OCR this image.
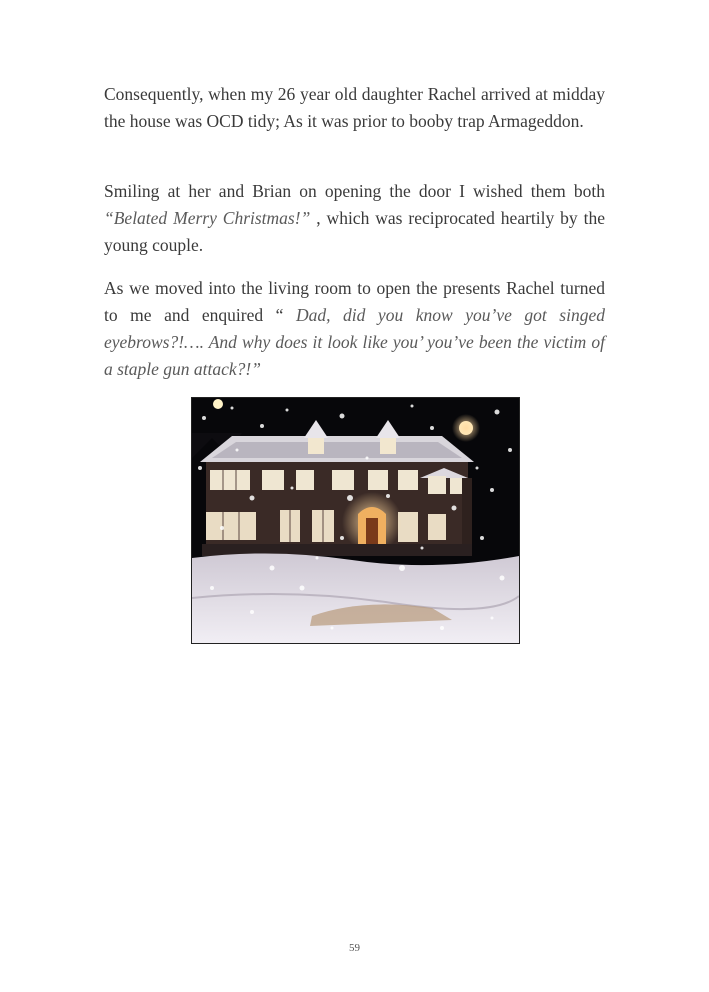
Consequently, when my 26 year old daughter Rachel arrived at midday the house was OCD tidy; As it was prior to booby trap Armageddon.

Smiling at her and Brian on opening the door I wished them both “Belated Merry Christmas!” , which was reciprocated heartily by the young couple.

As we moved into the living room to open the presents Rachel turned to me and enquired “ Dad, did you know you’ve got singed eyebrows?!…. And why does it look like you’ you’ve been the victim of a staple gun attack?!”

59
